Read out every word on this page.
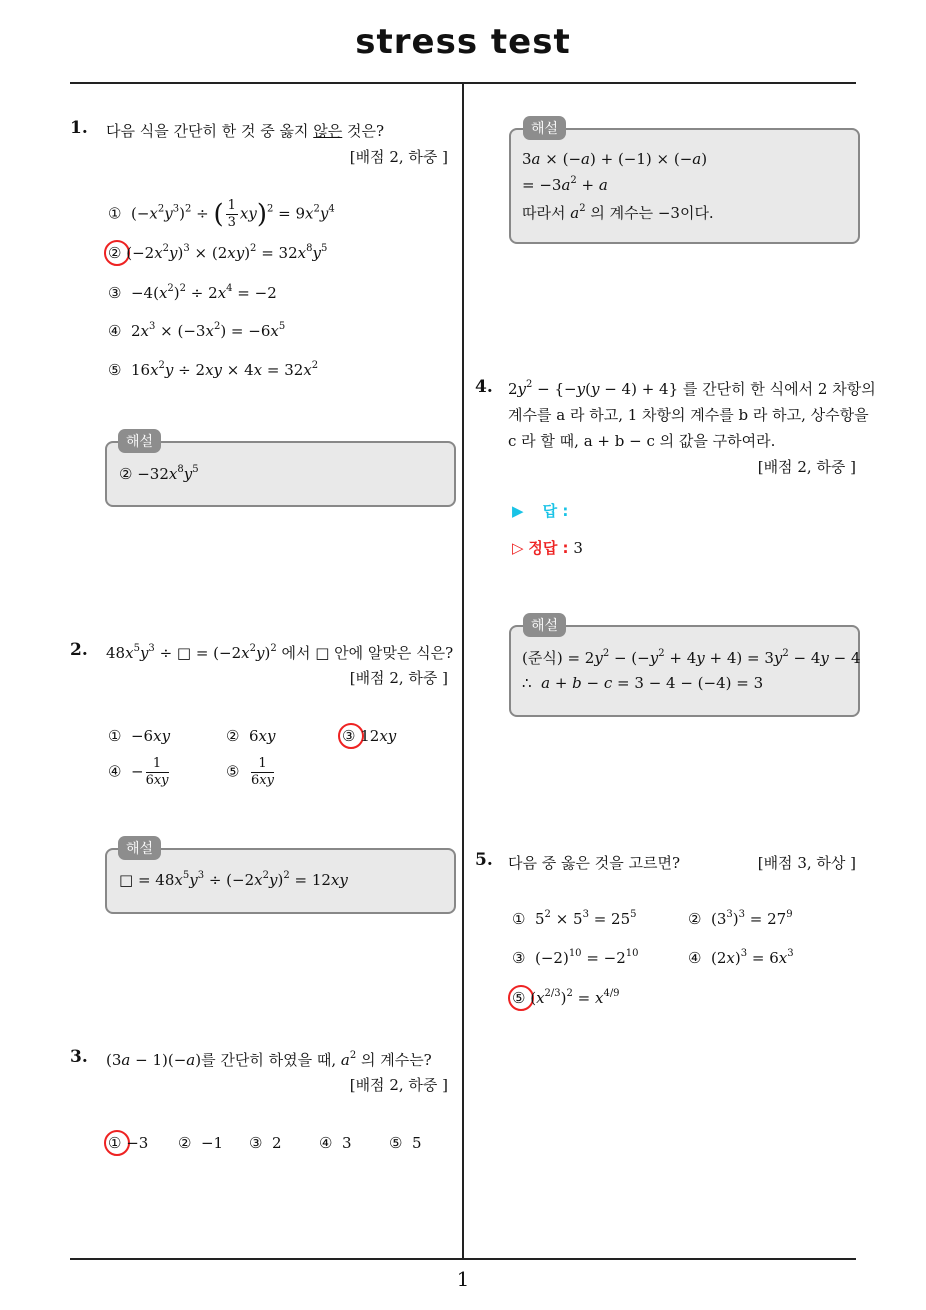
stress test
1
1. 다음 식을 간단히 한 것 중 옳지 않은 것은?
[배점 2, 하중 ]
①  $(-x^2y^3)^2$ ÷ ( $\frac{1}{3} xy)^2 = 9x^2y^4$
② $(-2x^2y)^3 \times (2xy)^2 = 32x^8y^5$
③  $-4(x^2)^2 \div 2x^4 = -2$
④  $2x^3 \times (-3x^2) = -6x^5$
⑤  $16x^2y \div 2xy \times 4x = 32x^2$
해설
② $-32x^8y^5$
2. $48x^5y^3$ ÷ □ = $(-2x^2y)^2$ 에서 □ 안에 알맞은 식은?
[배점 2, 하중 ]
①  −6xy	②  6xy	③ 12xy
④  − $\frac{1}{6xy}$	⑤ $\frac{1}{6xy}$
해설
□ = $48x^5y^3 \div (-2x^2y)^2 = 12xy$
3. (3a − 1)(−a)를 간단히 하였을 때, $a^2$ 의 계수는?
[배점 2, 하중 ]
① −3 ②  −1 ③  2 ④  3 ⑤  5
해설
3a × (−a) + (−1) × (−a)
= $-3a^2 + a$
따라서 $a^2$ 의 계수는 −3이다.
4. $2y^2 - \{-y(y - 4) + 4\}$ 를 간단히 한 식에서 2 차항의
계수를 a 라 하고, 1 차항의 계수를 b 라 하고, 상수항을
c 라 할 때, a + b − c 의 값을 구하여라.
[배점 2, 하중 ]
▶ 답 :
▷ 정답 : 3
해설
(준식) = $2y^2 - (-y^2 + 4y + 4) = 3y^2 - 4y - 4$
∴  a + b − c = 3 − 4 − (−4) = 3
5. 다음 중 옳은 것을 고르면?	[배점 3, 하상 ]
①  $5^2 \times 5^3 = 25^5$	②  $(3^3)^3 = 27^9$
③  $(-2)^{10} = -2^{10}$	④  $(2x)^3 = 6x^3$
⑤ $(x^{2/3})^2 = x^{4/9}$
